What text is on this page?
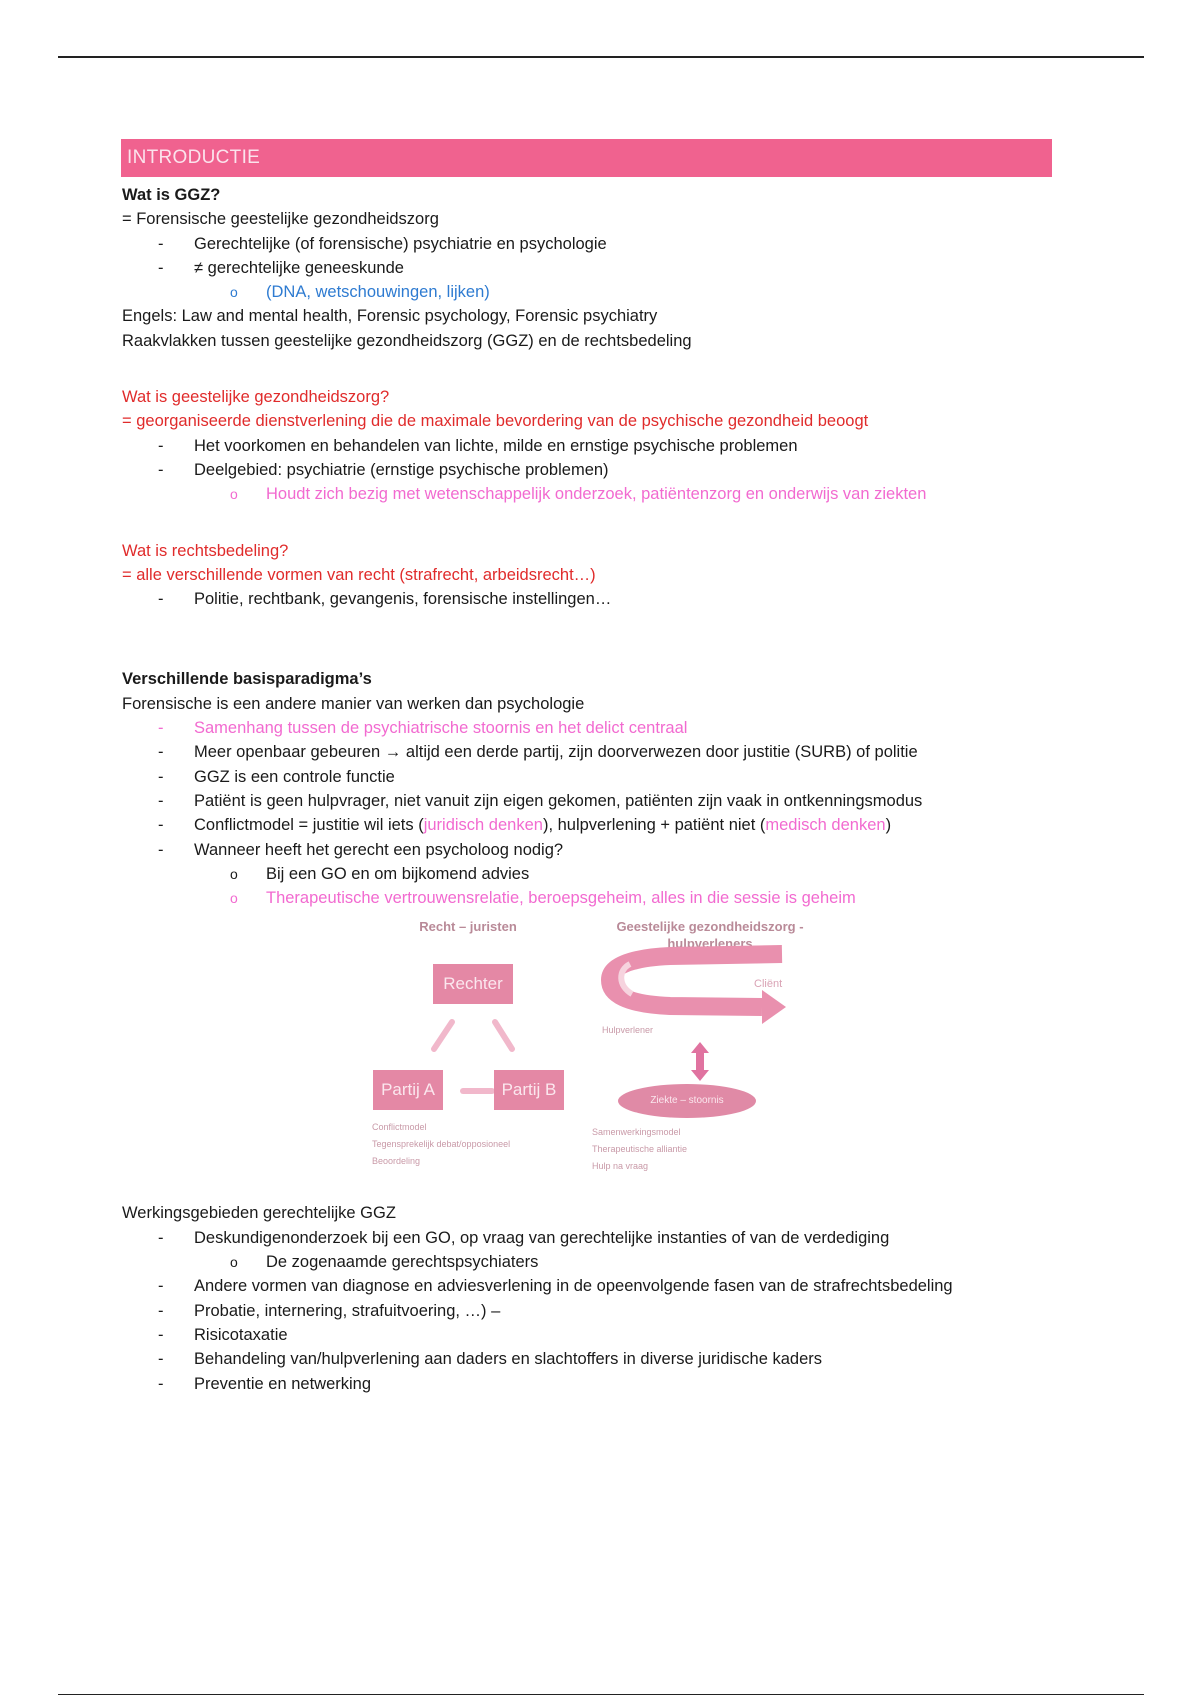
INTRODUCTIE
Wat is GGZ?
= Forensische geestelijke gezondheidszorg
- Gerechtelijke (of forensische) psychiatrie en psychologie
- ≠ gerechtelijke geneeskunde
o (DNA, wetschouwingen, lijken)
Engels: Law and mental health, Forensic psychology, Forensic psychiatry
Raakvlakken tussen geestelijke gezondheidszorg (GGZ) en de rechtsbedeling
Wat is geestelijke gezondheidszorg?
= georganiseerde dienstverlening die de maximale bevordering van de psychische gezondheid beoogt
- Het voorkomen en behandelen van lichte, milde en ernstige psychische problemen
- Deelgebied: psychiatrie (ernstige psychische problemen)
o Houdt zich bezig met wetenschappelijk onderzoek, patiëntenzorg en onderwijs van ziekten
Wat is rechtsbedeling?
= alle verschillende vormen van recht (strafrecht, arbeidsrecht…)
- Politie, rechtbank, gevangenis, forensische instellingen…
Verschillende basisparadigma’s
Forensische is een andere manier van werken dan psychologie
- Samenhang tussen de psychiatrische stoornis en het delict centraal
- Meer openbaar gebeuren → altijd een derde partij, zijn doorverwezen door justitie (SURB) of politie
- GGZ is een controle functie
- Patiënt is geen hulpvrager, niet vanuit zijn eigen gekomen, patiënten zijn vaak in ontkenningsmodus
- Conflictmodel = justitie wil iets (juridisch denken), hulpverlening + patiënt niet (medisch denken)
- Wanneer heeft het gerecht een psycholoog nodig?
o Bij een GO en om bijkomend advies
o Therapeutische vertrouwensrelatie, beroepsgeheim, alles in die sessie is geheim
Recht – juristen	Geestelijke gezondheidszorg -
hulpverleners
Rechter
Partij A	Partij B
Cliënt
Hulpverlener
Ziekte – stoornis
Conflictmodel
Tegensprekelijk debat/opposioneel
Beoordeling
Samenwerkingsmodel
Therapeutische alliantie
Hulp na vraag
Werkingsgebieden gerechtelijke GGZ
- Deskundigenonderzoek bij een GO, op vraag van gerechtelijke instanties of van de verdediging
o De zogenaamde gerechtspsychiaters
- Andere vormen van diagnose en adviesverlening in de opeenvolgende fasen van de strafrechtsbedeling
- Probatie, internering, strafuitvoering, …) –
- Risicotaxatie
- Behandeling van/hulpverlening aan daders en slachtoffers in diverse juridische kaders
- Preventie en netwerking
